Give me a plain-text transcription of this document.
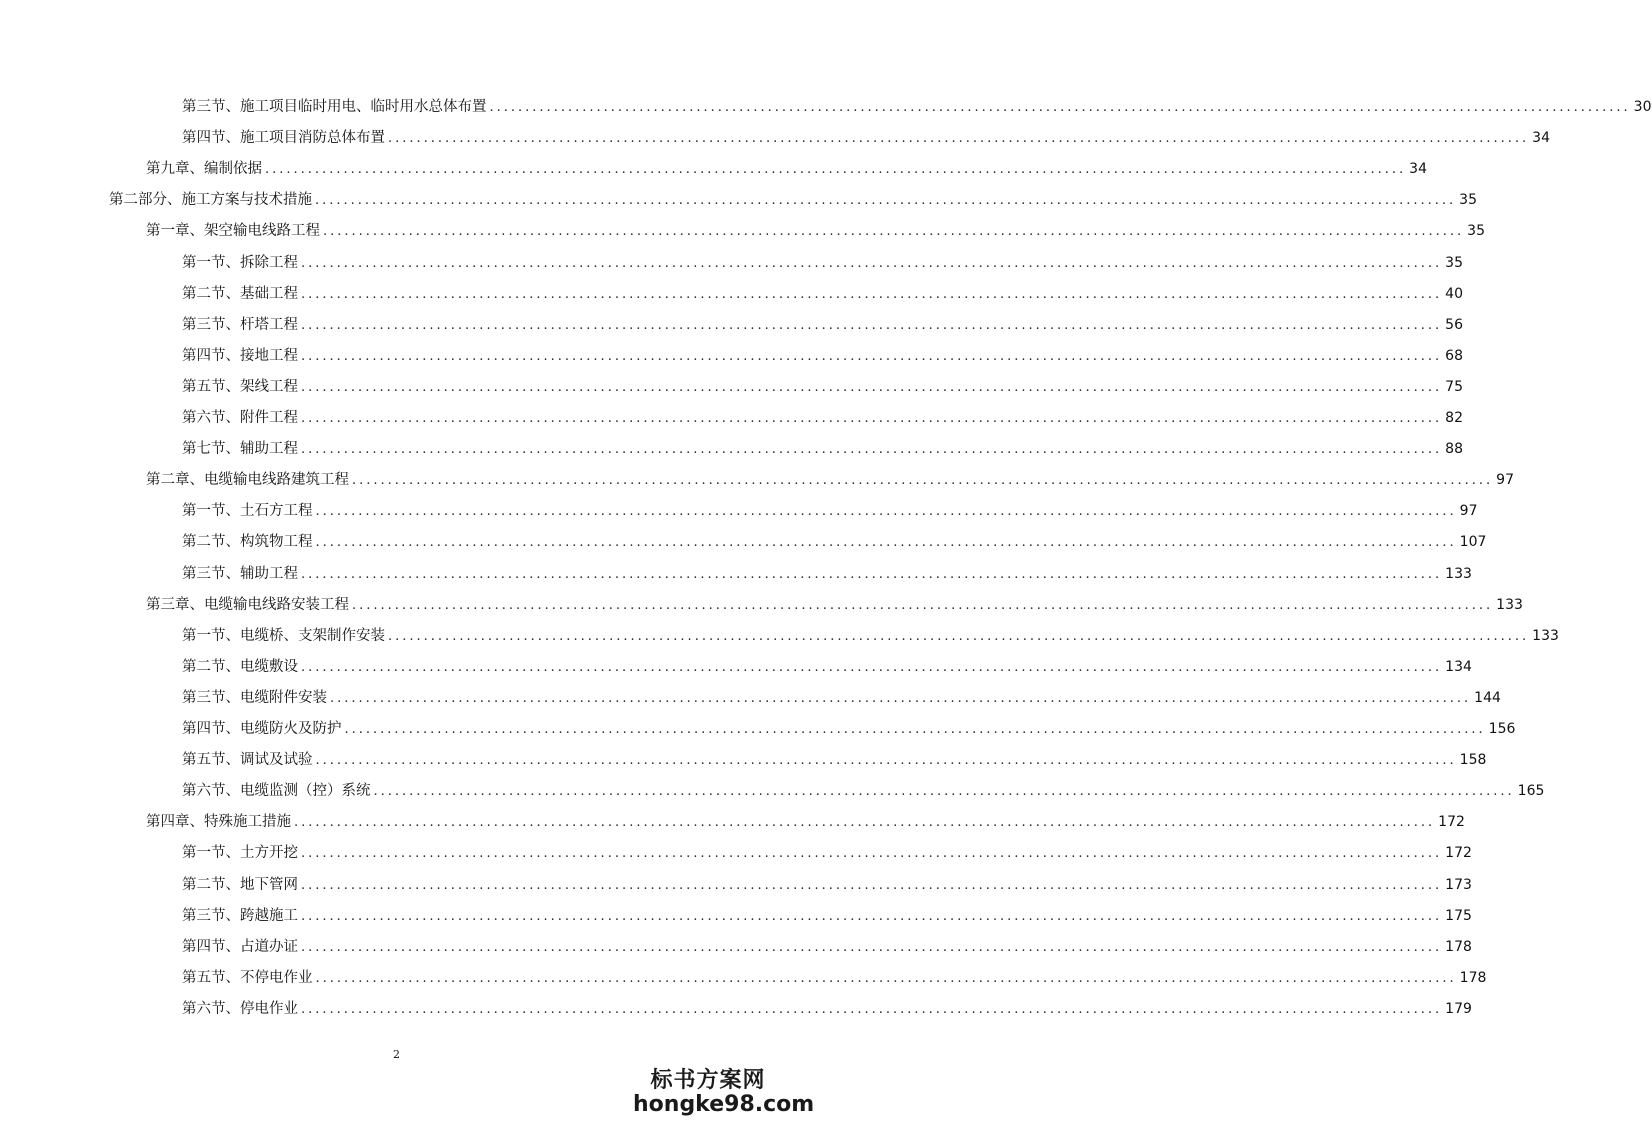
第三节、施工项目临时用电、临时用水总体布置 ................................................................................................................................................................ 30
第四节、施工项目消防总体布置 ................................................................................................................................................................ 34
第九章、编制依据 ................................................................................................................................................................ 34
第二部分、施工方案与技术措施 ................................................................................................................................................................ 35
第一章、架空输电线路工程 ................................................................................................................................................................ 35
第一节、拆除工程 ................................................................................................................................................................ 35
第二节、基础工程 ................................................................................................................................................................ 40
第三节、杆塔工程 ................................................................................................................................................................ 56
第四节、接地工程 ................................................................................................................................................................ 68
第五节、架线工程 ................................................................................................................................................................ 75
第六节、附件工程 ................................................................................................................................................................ 82
第七节、辅助工程 ................................................................................................................................................................ 88
第二章、电缆输电线路建筑工程 ................................................................................................................................................................ 97
第一节、土石方工程 ................................................................................................................................................................ 97
第二节、构筑物工程 ................................................................................................................................................................ 107
第三节、辅助工程 ................................................................................................................................................................ 133
第三章、电缆输电线路安装工程 ................................................................................................................................................................ 133
第一节、电缆桥、支架制作安装 ................................................................................................................................................................ 133
第二节、电缆敷设 ................................................................................................................................................................ 134
第三节、电缆附件安装 ................................................................................................................................................................ 144
第四节、电缆防火及防护 ................................................................................................................................................................ 156
第五节、调试及试验 ................................................................................................................................................................ 158
第六节、电缆监测（控）系统 ................................................................................................................................................................ 165
第四章、特殊施工措施 ................................................................................................................................................................ 172
第一节、土方开挖 ................................................................................................................................................................ 172
第二节、地下管网 ................................................................................................................................................................ 173
第三节、跨越施工 ................................................................................................................................................................ 175
第四节、占道办证 ................................................................................................................................................................ 178
第五节、不停电作业 ................................................................................................................................................................ 178
第六节、停电作业 ................................................................................................................................................................ 179
2
标书方案网
hongke98.com
